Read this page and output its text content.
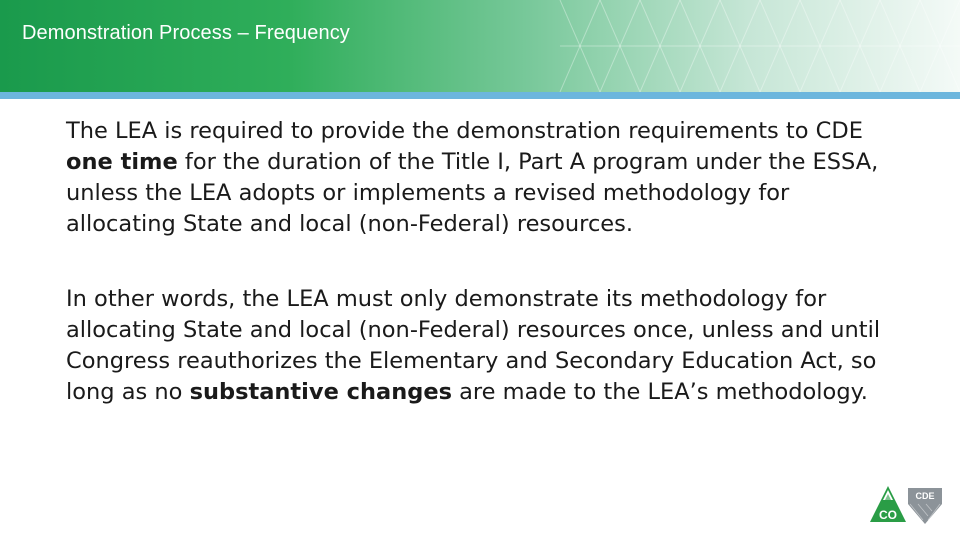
Demonstration Process – Frequency

The LEA is required to provide the demonstration requirements to CDE one time for the duration of the Title I, Part A program under the ESSA, unless the LEA adopts or implements a revised methodology for allocating State and local (non-Federal) resources.

In other words, the LEA must only demonstrate its methodology for allocating State and local (non-Federal) resources once, unless and until Congress reauthorizes the Elementary and Secondary Education Act, so long as no substantive changes are made to the LEA’s methodology.

CDE
CO
